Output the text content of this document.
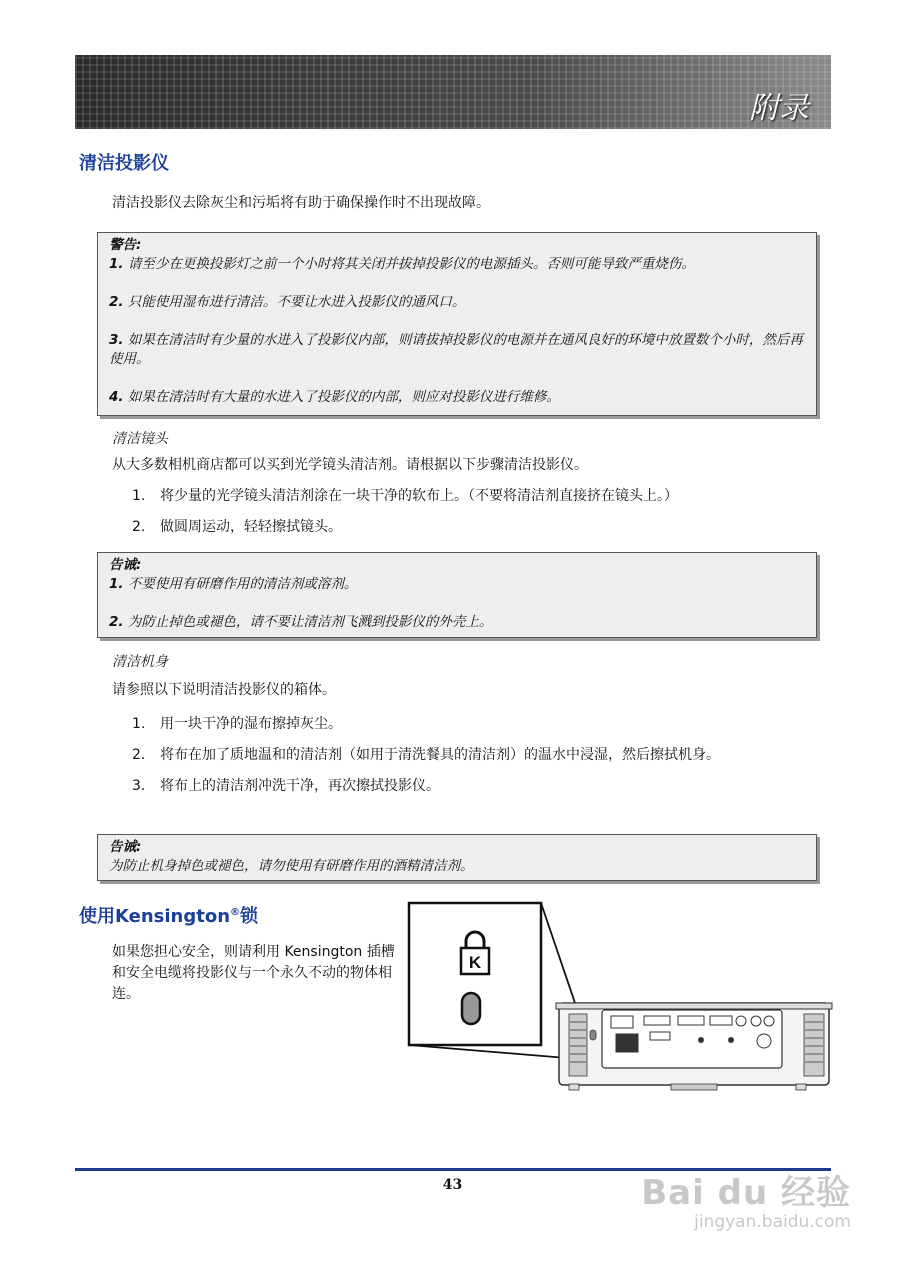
附录
清洁投影仪
清洁投影仪去除灰尘和污垢将有助于确保操作时不出现故障。
警告:
1. 请至少在更换投影灯之前一个小时将其关闭并拔掉投影仪的电源插头。否则可能导致严重烧伤。
2. 只能使用湿布进行清洁。不要让水进入投影仪的通风口。
3. 如果在清洁时有少量的水进入了投影仪内部，则请拔掉投影仪的电源并在通风良好的环境中放置数个小时，然后再使用。
4. 如果在清洁时有大量的水进入了投影仪的内部，则应对投影仪进行维修。
清洁镜头
从大多数相机商店都可以买到光学镜头清洁剂。请根据以下步骤清洁投影仪。
1. 将少量的光学镜头清洁剂涂在一块干净的软布上。（不要将清洁剂直接挤在镜头上。）
2. 做圆周运动，轻轻擦拭镜头。
告诫:
1. 不要使用有研磨作用的清洁剂或溶剂。
2. 为防止掉色或褪色，请不要让清洁剂飞溅到投影仪的外壳上。
清洁机身
请参照以下说明清洁投影仪的箱体。
1. 用一块干净的湿布擦掉灰尘。
2. 将布在加了质地温和的清洁剂（如用于清洗餐具的清洁剂）的温水中浸湿，然后擦拭机身。
3. 将布上的清洁剂冲洗干净，再次擦拭投影仪。
告诫:
为防止机身掉色或褪色，请勿使用有研磨作用的酒精清洁剂。
使用Kensington®锁
如果您担心安全，则请利用 Kensington 插槽和安全电缆将投影仪与一个永久不动的物体相连。
K
43	Bai du 经验
jingyan.baidu.com
